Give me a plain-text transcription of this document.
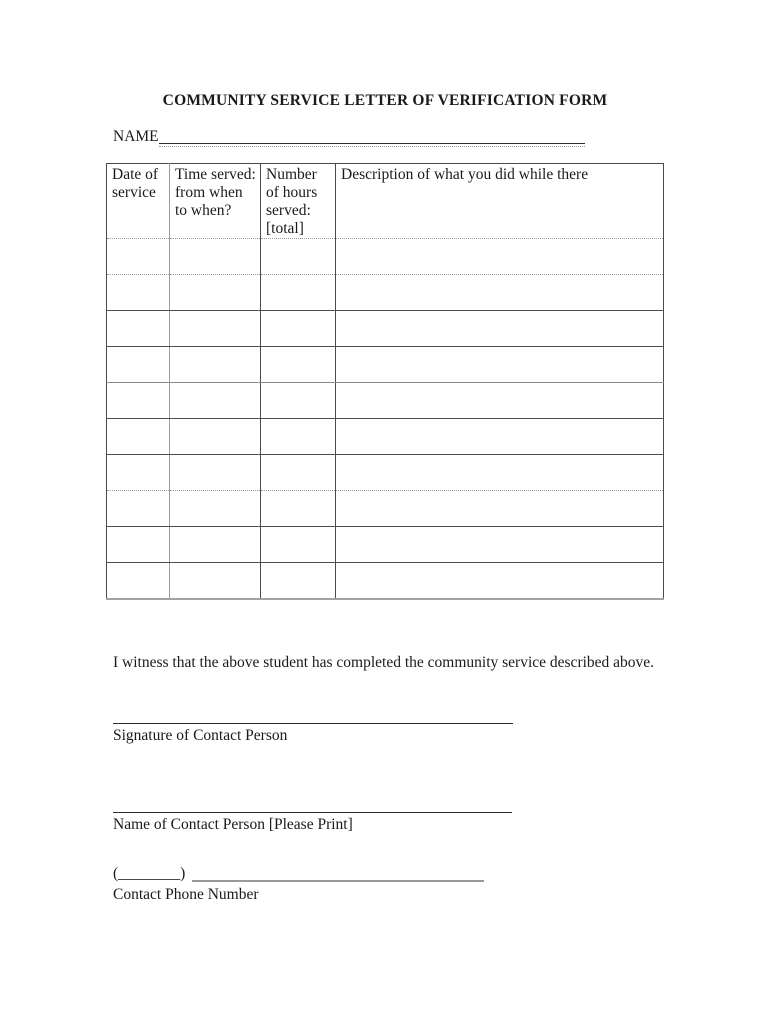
COMMUNITY SERVICE LETTER OF VERIFICATION FORM
NAME
Date of service	Time served: from when to when?	Number of hours served: [total]	Description of what you did while there

I witness that the above student has completed the community service described above.
Signature of Contact Person
Name of Contact Person [Please Print]
(________)
Contact Phone Number
